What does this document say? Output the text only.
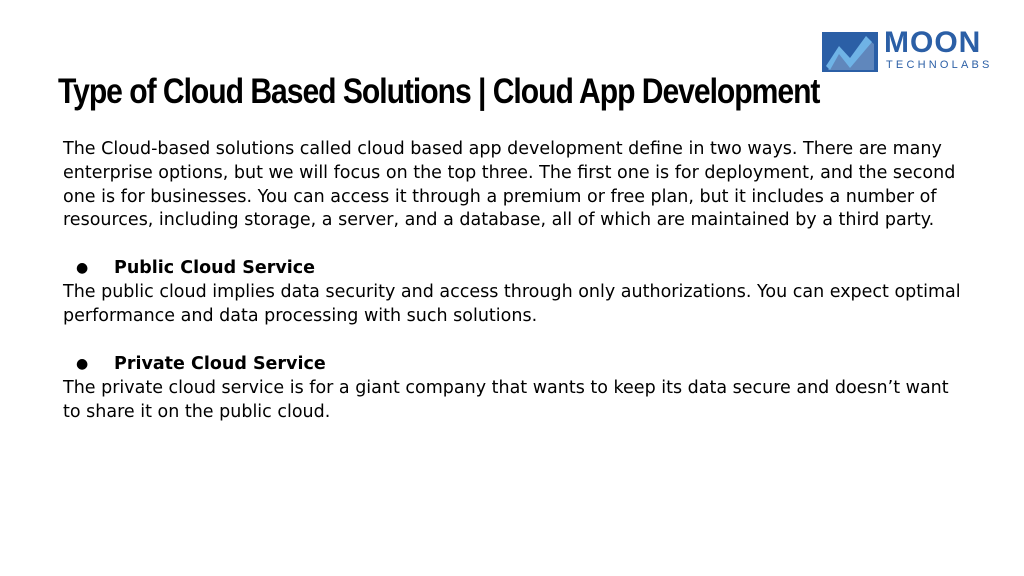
MOON
TECHNOLABS
Type of Cloud Based Solutions | Cloud App Development

The Cloud-based solutions called cloud based app development define in two ways. There are many enterprise options, but we will focus on the top three. The first one is for deployment, and the second one is for businesses. You can access it through a premium or free plan, but it includes a number of resources, including storage, a server, and a database, all of which are maintained by a third party.

●	Public Cloud Service

The public cloud implies data security and access through only authorizations. You can expect optimal performance and data processing with such solutions.

●	Private Cloud Service

The private cloud service is for a giant company that wants to keep its data secure and doesn’t want to share it on the public cloud.
